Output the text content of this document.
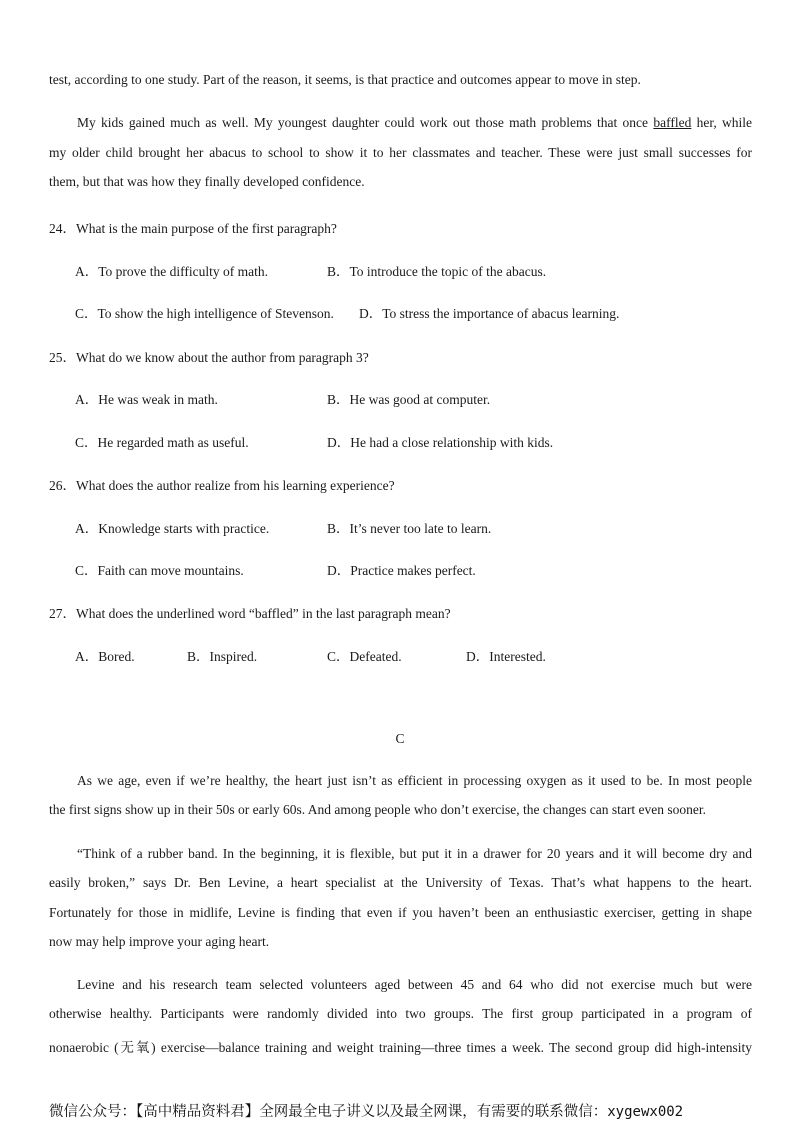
test, according to one study. Part of the reason, it seems, is that practice and outcomes appear to move in step.
My kids gained much as well. My youngest daughter could work out those math problems that once baffled her, while
my older child brought her abacus to school to show it to her classmates and teacher. These were just small successes for
them, but that was how they finally developed confidence.
24．What is the main purpose of the first paragraph?
A．To prove the difficulty of math.	B．To introduce the topic of the abacus.
C．To show the high intelligence of Stevenson. D．To stress the importance of abacus learning.
25．What do we know about the author from paragraph 3?
A．He was weak in math.	B．He was good at computer.
C．He regarded math as useful.	D．He had a close relationship with kids.
26．What does the author realize from his learning experience?
A．Knowledge starts with practice.	B．It’s never too late to learn.
C．Faith can move mountains.	D．Practice makes perfect.
27．What does the underlined word “baffled” in the last paragraph mean?
A．Bored.	B．Inspired.	C．Defeated.	D．Interested.
C
As we age, even if we’re healthy, the heart just isn’t as efficient in processing oxygen as it used to be. In most people
the first signs show up in their 50s or early 60s. And among people who don’t exercise, the changes can start even sooner.
“Think of a rubber band. In the beginning, it is flexible, but put it in a drawer for 20 years and it will become dry and
easily broken,” says Dr. Ben Levine, a heart specialist at the University of Texas. That’s what happens to the heart.
Fortunately for those in midlife, Levine is finding that even if you haven’t been an enthusiastic exerciser, getting in shape
now may help improve your aging heart.
Levine and his research team selected volunteers aged between 45 and 64 who did not exercise much but were
otherwise healthy. Participants were randomly divided into two groups. The first group participated in a program of
nonaerobic (无氧) exercise—balance training and weight training—three times a week. The second group did high-intensity
微信公众号：【高中精品资料君】全网最全电子讲义以及最全网课，有需要的联系微信：xygewx002
